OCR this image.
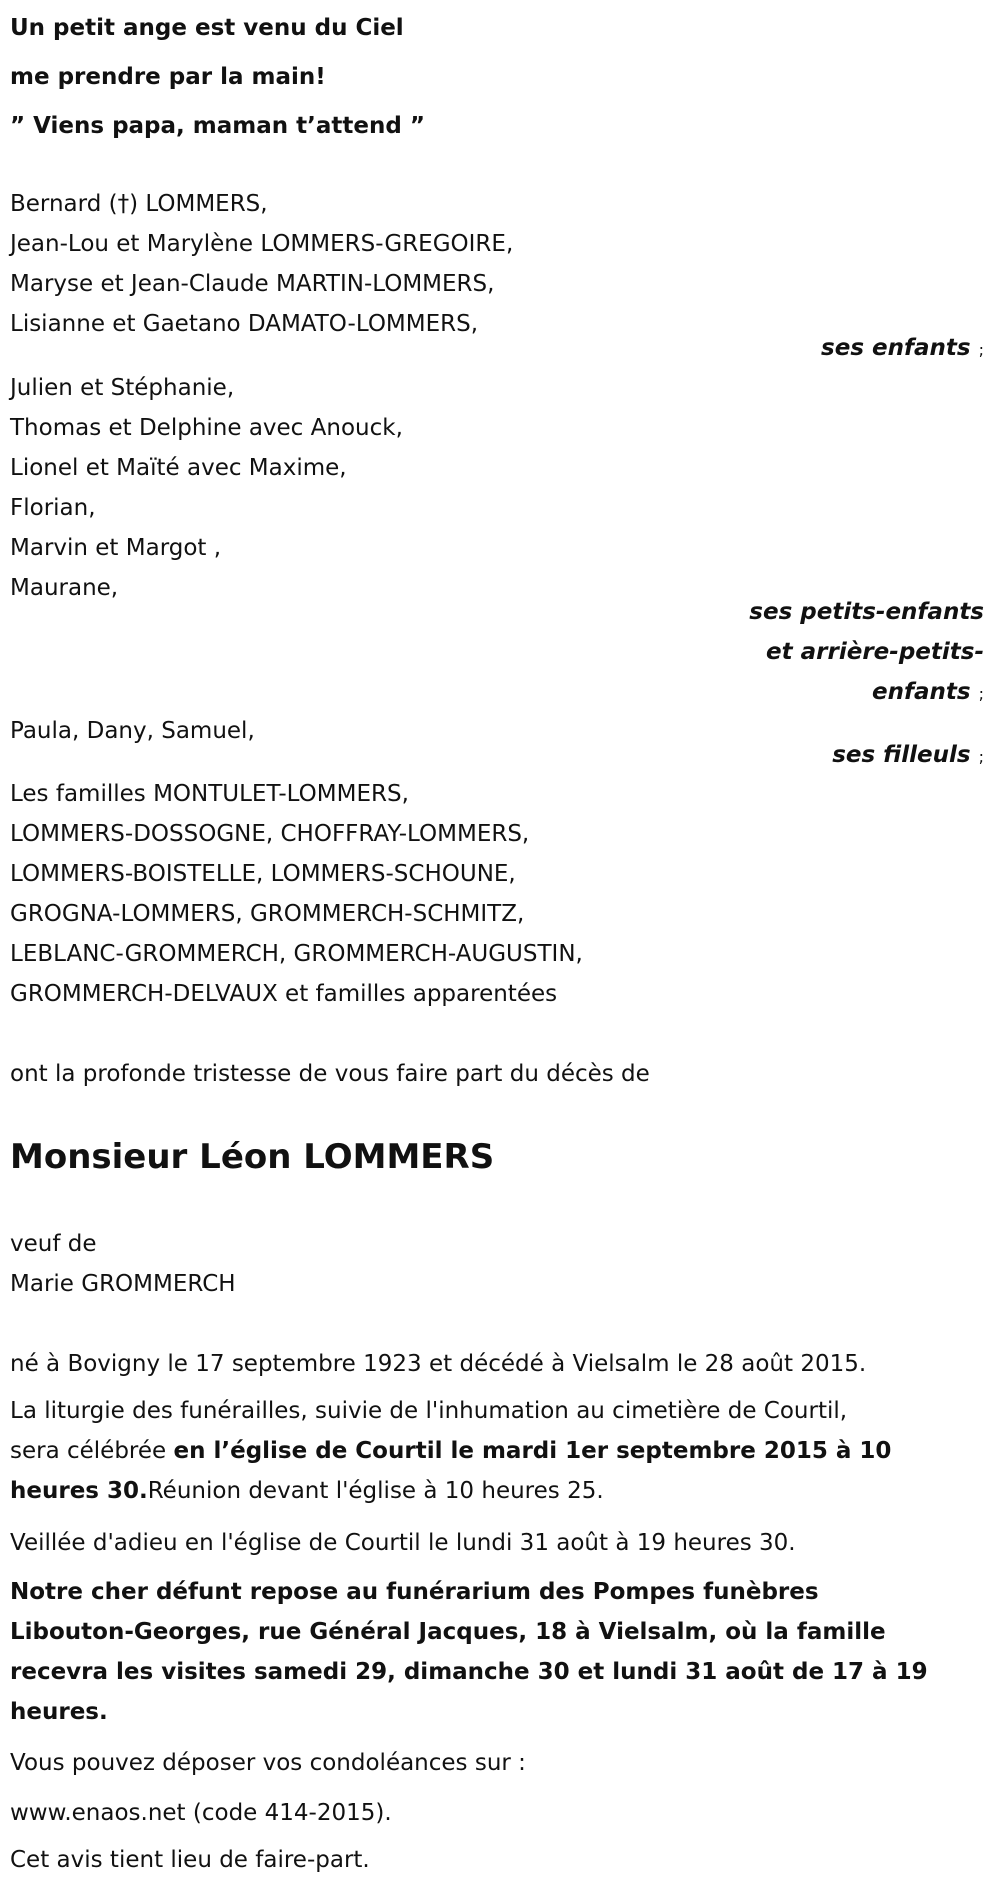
Un petit ange est venu du Ciel
me prendre par la main!
” Viens papa, maman t’attend ”
Bernard (†) LOMMERS,
Jean-Lou et Marylène LOMMERS-GREGOIRE,
Maryse et Jean-Claude MARTIN-LOMMERS,
Lisianne et Gaetano DAMATO-LOMMERS,
ses enfants ;
Julien et Stéphanie,
Thomas et Delphine avec Anouck,
Lionel et Maïté avec Maxime,
Florian,
Marvin et Margot ,
Maurane,
ses petits-enfants
et arrière-petits-
enfants ;
Paula, Dany, Samuel,
ses filleuls ;
Les familles MONTULET-LOMMERS,
LOMMERS-DOSSOGNE, CHOFFRAY-LOMMERS,
LOMMERS-BOISTELLE, LOMMERS-SCHOUNE,
GROGNA-LOMMERS, GROMMERCH-SCHMITZ,
LEBLANC-GROMMERCH, GROMMERCH-AUGUSTIN,
GROMMERCH-DELVAUX et familles apparentées
ont la profonde tristesse de vous faire part du décès de
Monsieur Léon LOMMERS
veuf de
Marie GROMMERCH
né à Bovigny le 17 septembre 1923 et décédé à Vielsalm le 28 août 2015.
La liturgie des funérailles, suivie de l'inhumation au cimetière de Courtil,
sera célébrée en l’église de Courtil le mardi 1er septembre 2015 à 10
heures 30.Réunion devant l'église à 10 heures 25.
Veillée d'adieu en l'église de Courtil le lundi 31 août à 19 heures 30.
Notre cher défunt repose au funérarium des Pompes funèbres
Libouton-Georges, rue Général Jacques, 18 à Vielsalm, où la famille
recevra les visites samedi 29, dimanche 30 et lundi 31 août de 17 à 19
heures.
Vous pouvez déposer vos condoléances sur :
www.enaos.net (code 414-2015).
Cet avis tient lieu de faire-part.
